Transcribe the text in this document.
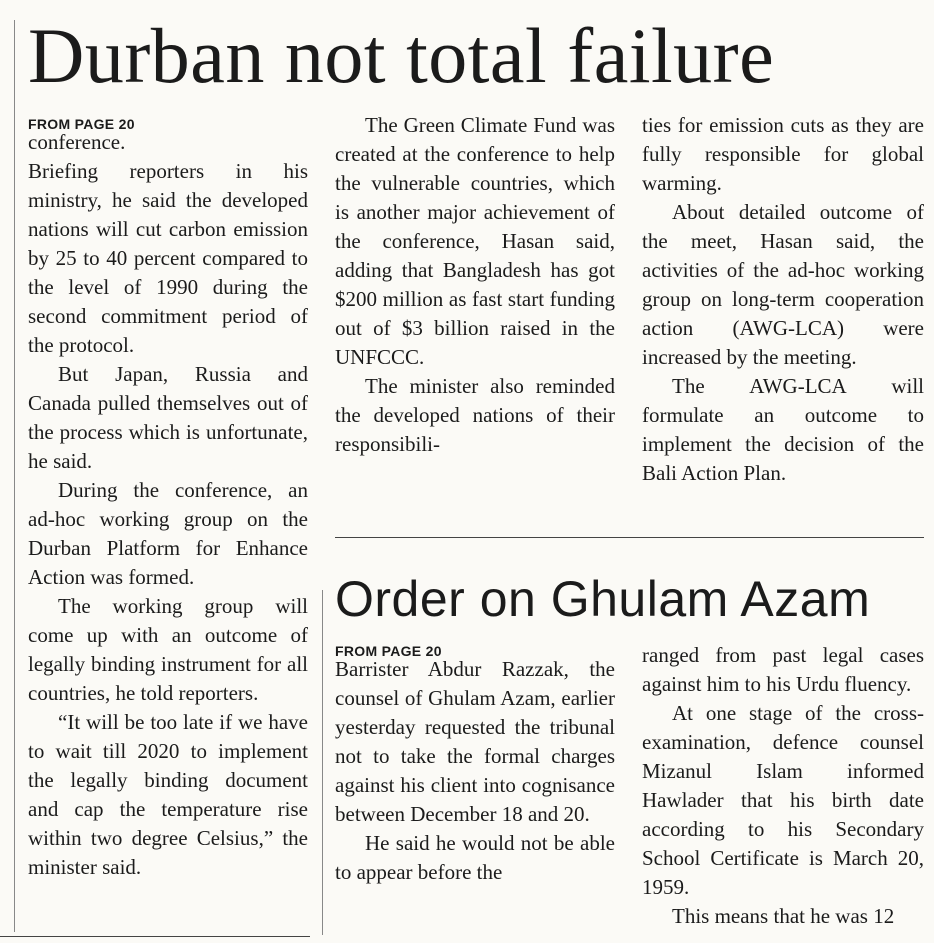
Durban not total failure
FROM PAGE 20

conference.

Briefing reporters in his ministry, he said the developed nations will cut carbon emission by 25 to 40 percent compared to the level of 1990 during the second commitment period of the protocol.

But Japan, Russia and Canada pulled themselves out of the process which is unfortunate, he said.

During the conference, an ad-hoc working group on the Durban Platform for Enhance Action was formed.

The working group will come up with an outcome of legally binding instrument for all countries, he told reporters.

“It will be too late if we have to wait till 2020 to implement the legally binding document and cap the temperature rise within two degree Celsius,” the minister said.

The Green Climate Fund was created at the conference to help the vulnerable countries, which is another major achievement of the conference, Hasan said, adding that Bangladesh has got $200 million as fast start funding out of $3 billion raised in the UNFCCC.

The minister also reminded the developed nations of their responsibili-

ties for emission cuts as they are fully responsible for global warming.

About detailed outcome of the meet, Hasan said, the activities of the ad-hoc working group on long-term cooperation action (AWG-LCA) were increased by the meeting.

The AWG-LCA will formulate an outcome to implement the decision of the Bali Action Plan.

Order on Ghulam Azam
FROM PAGE 20

Barrister Abdur Razzak, the counsel of Ghulam Azam, earlier yesterday requested the tribunal not to take the formal charges against his client into cognisance between December 18 and 20.

He said he would not be able to appear before the

ranged from past legal cases against him to his Urdu fluency.

At one stage of the cross-examination, defence counsel Mizanul Islam informed Hawlader that his birth date according to his Secondary School Certificate is March 20, 1959.

This means that he was 12
